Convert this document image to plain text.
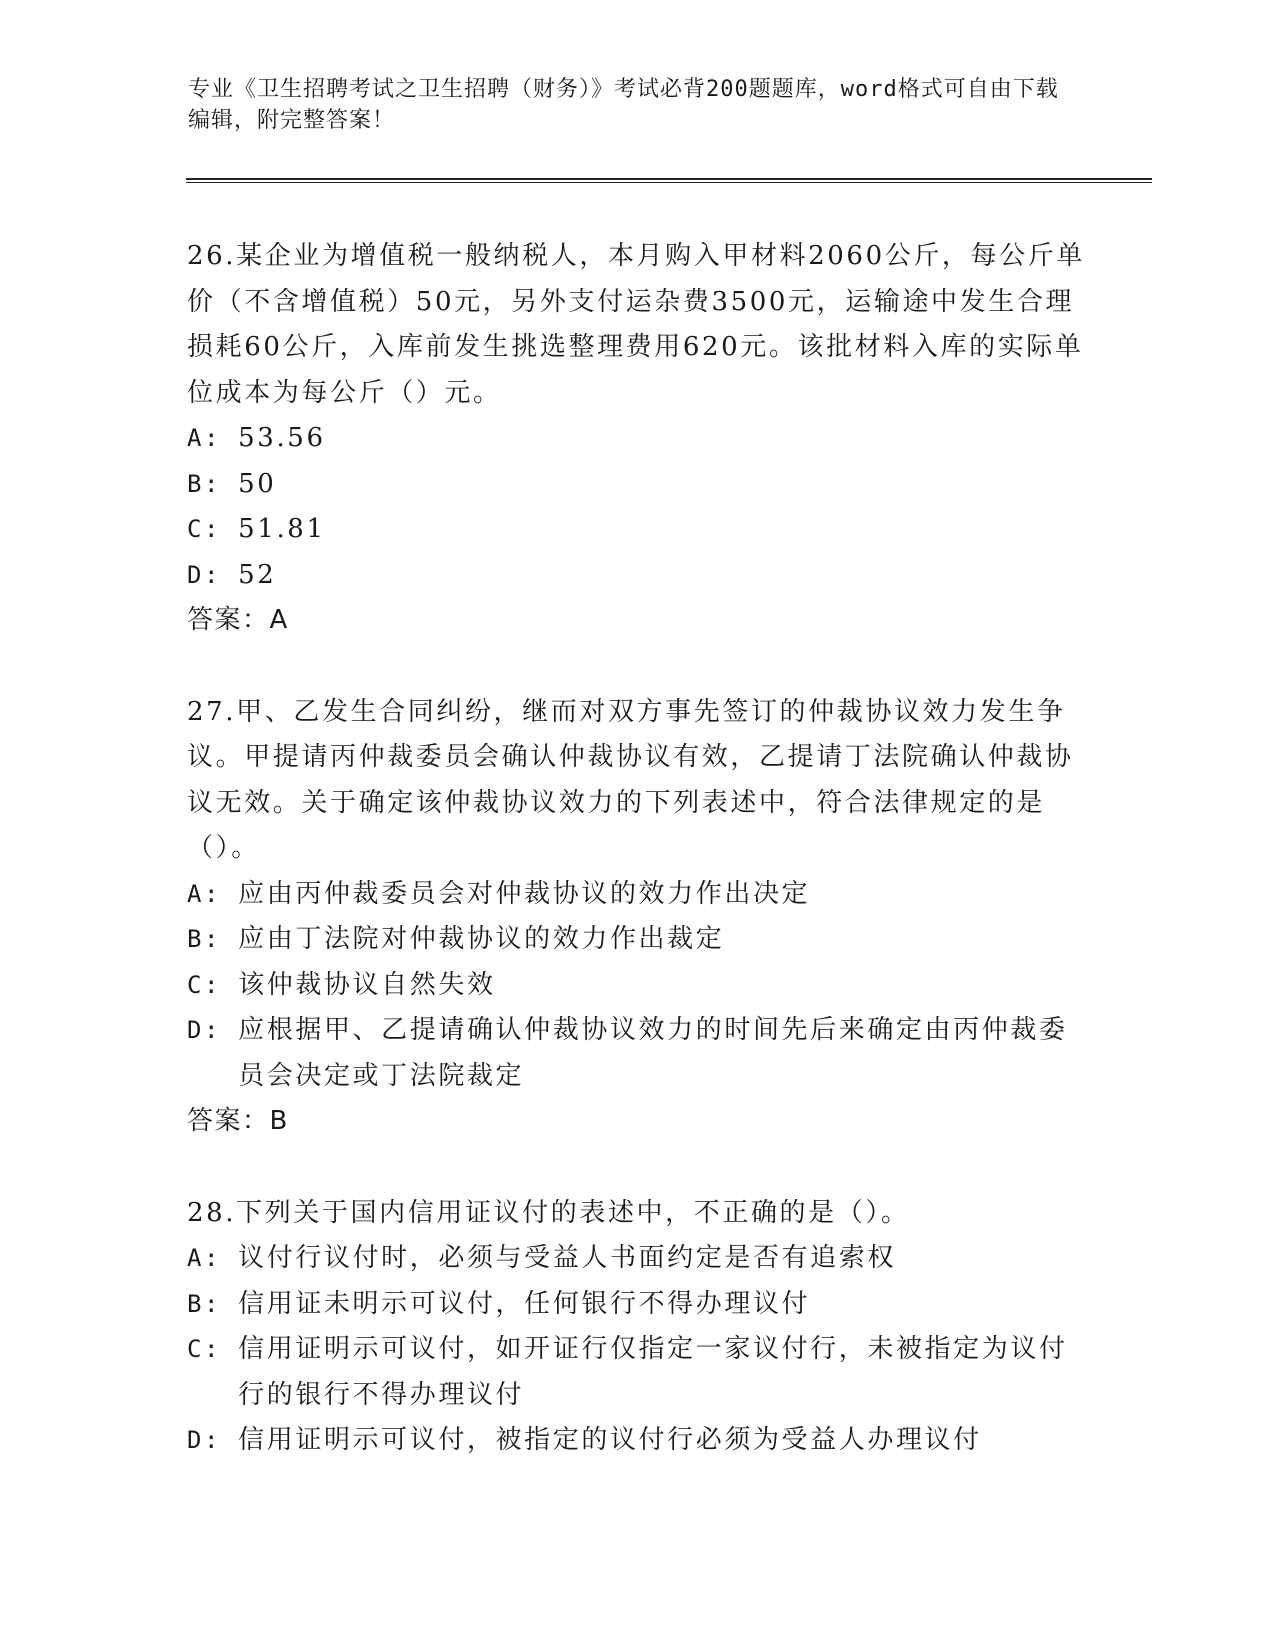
专业《卫生招聘考试之卫生招聘（财务）》考试必背200题题库，word格式可自由下载编辑，附完整答案！

26.某企业为增值税一般纳税人，本月购入甲材料2060公斤，每公斤单价（不含增值税）50元，另外支付运杂费3500元，运输途中发生合理损耗60公斤，入库前发生挑选整理费用620元。该批材料入库的实际单位成本为每公斤（）元。

A: 53.56
B: 50
C: 51.81
D: 52

答案：A

27.甲、乙发生合同纠纷，继而对双方事先签订的仲裁协议效力发生争议。甲提请丙仲裁委员会确认仲裁协议有效，乙提请丁法院确认仲裁协议无效。关于确定该仲裁协议效力的下列表述中，符合法律规定的是（）。

A: 应由丙仲裁委员会对仲裁协议的效力作出决定
B: 应由丁法院对仲裁协议的效力作出裁定
C: 该仲裁协议自然失效
D: 应根据甲、乙提请确认仲裁协议效力的时间先后来确定由丙仲裁委员会决定或丁法院裁定

答案：B

28.下列关于国内信用证议付的表述中，不正确的是（）。

A: 议付行议付时，必须与受益人书面约定是否有追索权
B: 信用证未明示可议付，任何银行不得办理议付
C: 信用证明示可议付，如开证行仅指定一家议付行，未被指定为议付行的银行不得办理议付
D: 信用证明示可议付，被指定的议付行必须为受益人办理议付
